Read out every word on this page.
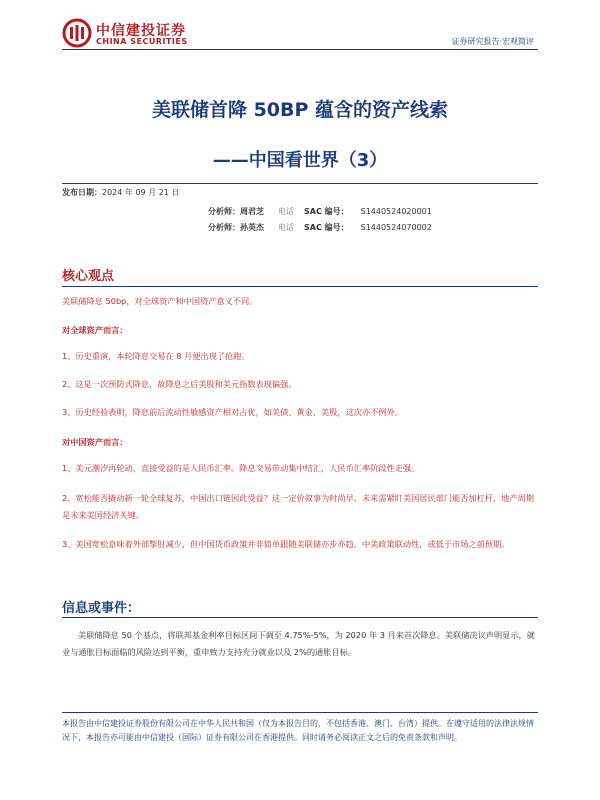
中信建投证券
CHINA SECURITIES	证券研究报告·宏观简评
美联储首降 50BP 蕴含的资产线索
——中国看世界（3）
发布日期：2024 年 09 月 21 日
分析师：周君芝 电话 SAC 编号： S1440524020001
分析师：孙英杰 电话 SAC 编号： S1440524070002
核心观点
美联储降息 50bp，对全球资产和中国资产意义不同。
对全球资产而言：
1、历史重演，本轮降息交易在 8 月便出现了抢跑。
2、这是一次预防式降息，故降息之后美股和美元指数表现偏强。
3、历史经验表明，降息前后流动性敏感资产相对占优，如美债、黄金、美股，这次亦不例外。
对中国资产而言：
1、美元潮汐再轮动，直接受益的是人民币汇率。降息交易带动集中结汇，人民币汇率阶段性走强。
2、宽松能否撬动新一轮全球复苏，中国出口链因此受益？这一定价叙事为时尚早。未来需紧盯美国居民部门能否加杠杆，地产周期是未来美国经济关键。
3、美国宽松意味着外部掣肘减少，但中国货币政策并非简单跟随美联储亦步亦趋。中美政策联动性，或低于市场之前预期。
信息或事件：
美联储降息 50 个基点，将联邦基金利率目标区间下调至 4.75%-5%，为 2020 年 3 月来首次降息。美联储决议声明显示，就业与通胀目标面临的风险达到平衡，重申致力支持充分就业以及 2%的通胀目标。
本报告由中信建投证券股份有限公司在中华人民共和国（仅为本报告目的，不包括香港、澳门、台湾）提供。在遵守适用的法律法规情况下，本报告亦可能由中信建投（国际）证券有限公司在香港提供。同时请务必阅读正文之后的免责条款和声明。
